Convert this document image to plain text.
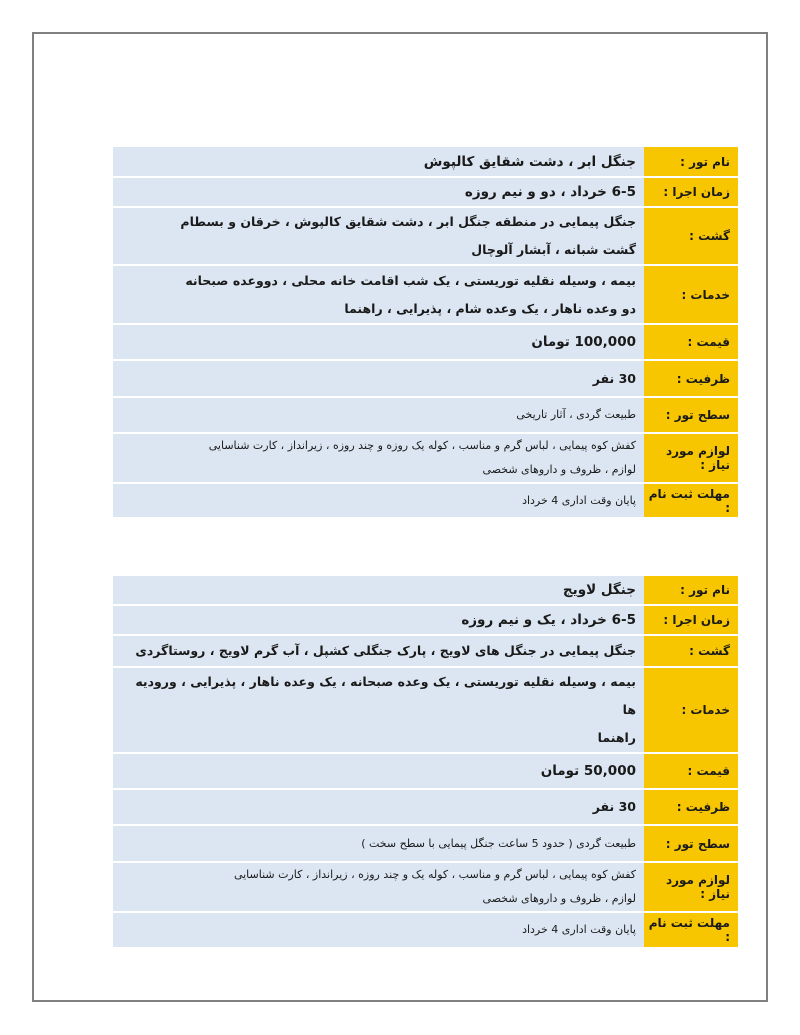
نام تور :	جنگل ابر ، دشت شقایق کالپوش
زمان اجرا :	6-5 خرداد ، دو و نیم روزه
گشت :	جنگل پیمایی در منطقه جنگل ابر ، دشت شقایق کالپوش ، خرقان و بسطام
گشت شبانه ، آبشار آلوچال

خدمات :	بیمه ، وسیله نقلیه توریستی ، یک شب اقامت خانه محلی ، دووعده صبحانه
دو وعده ناهار ، یک وعده شام ، پذیرایی ، راهنما

قیمت :	100,000 تومان
ظرفیت :	30 نفر
سطح تور :	طبیعت گردی ، آثار تاریخی
لوازم مورد نیاز :	کفش کوه پیمایی ، لباس گرم و مناسب ، کوله یک روزه و چند روزه ، زیرانداز ، کارت شناسایی
لوازم ، ظروف و داروهای شخصی

مهلت ثبت نام :	پایان وقت اداری 4 خرداد
نام تور :	جنگل لاویج
زمان اجرا :	6-5 خرداد ، یک و نیم روزه
گشت :	جنگل پیمایی در جنگل های لاویج ، پارک جنگلی کشپل ، آب گرم لاویج ، روستاگردی

خدمات :	بیمه ، وسیله نقلیه توریستی ، یک وعده صبحانه ، یک وعده ناهار ، پذیرایی ، ورودیه ها
راهنما

قیمت :	50,000 تومان
ظرفیت :	30 نفر
سطح تور :	طبیعت گردی ( حدود 5 ساعت جنگل پیمایی با سطح سخت )
لوازم مورد نیاز :	کفش کوه پیمایی ، لباس گرم و مناسب ، کوله یک و چند روزه ، زیرانداز ، کارت شناسایی
لوازم ، ظروف و داروهای شخصی

مهلت ثبت نام :	پایان وقت اداری 4 خرداد
